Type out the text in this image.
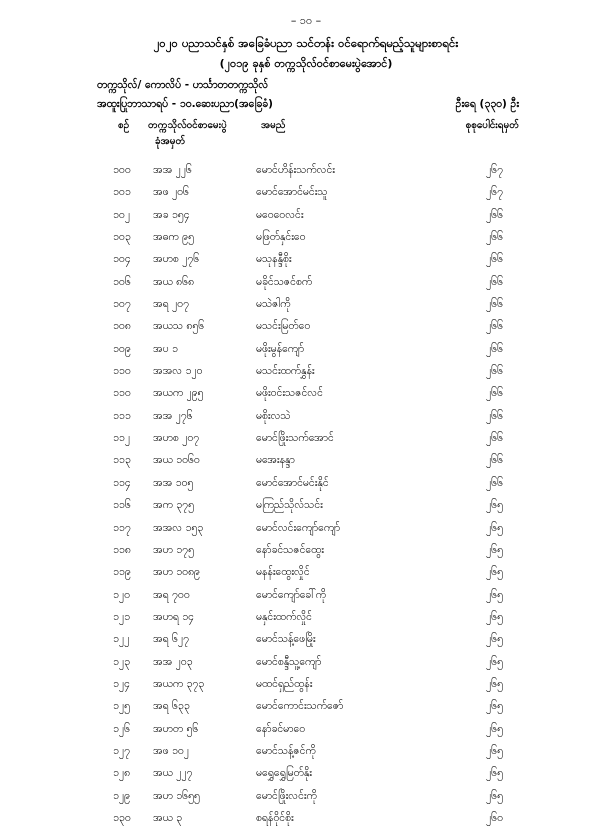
– ၁၀ –
၂၀၂၀ ပညာသင်နှစ် အခြေခံပညာ သင်တန်း ဝင်ရောက်ရမည့်သူများစာရင်း
(၂၀၁၉ ခုနှစ် တက္ကသိုလ်ဝင်စာမေးပွဲအောင်)
တက္ကသိုလ်/ ကောလိပ် - ဟင်္သာတတက္ကသိုလ်
အထူးပြုဘာသာရပ် - ၁၀.ဆေးပညာ(အခြေခံ)	ဦးရေ (၃၃၀) ဦး
စဉ် တက္ကသိုလ်ဝင်စာမေးပွဲ
ခုံအမှတ်
အမည်	စုစုပေါင်းရမှတ်
၁၀၀ အအ ၂၂၆	မောင်ဟိန်းသက်လင်း	၂၆၇
၁၀၁ အဖ ၂၀၆	မောင်အောင်မင်းသူ	၂၆၇
၁၀၂ အခ ၁၅၄	မဝေဝေလင်း	၂၆၆
၁၀၃ အဓက ၉၅	မဖြတ်နှင်းဝေ	၂၆၆
၁၀၄ အဟစ ၂၇၆	မသုနန္ဒီစိုး	၂၆၆
၁၀၆ အယ ၈၆၈	မခိုင်သဇင်စက်	၂၆၆
၁၀၇ အရ ၂၀၇	မသဲဇါကို	၂၆၆
၁၀၈ အယသ ၈၅၆	မသင်းမြတ်ဝေ	၂၆၆
၁၀၉ အပ ၁	မဖိုးမွန်ကျော်	၂၆၆
၁၁၀ အအလ ၁၂၀	မသင်းထက်နွှန်း	၂၆၆
၁၁၀ အယက ၂၉၅	မဖိုးဝင်းသဇင်လင်	၂၆၆
၁၁၁ အအ ၂၇၆	မစိုးလသဲ	၂၆၆
၁၁၂ အဟစ ၂၀၇	မောင်ဖြိုးသက်အောင်	၂၆၆
၁၁၃ အယ ၁၀၆၀	မအေးနန္ဒာ	၂၆၆
၁၁၄ အအ ၁၀၅	မောင်အောင်မင်းနိုင်	၂၆၆
၁၁၆ အက ၃၇၅	မကြည်သိုလ်သင်း	၂၆၅
၁၁၇ အအလ ၁၅၃	မောင်လင်းကျော်ကျော်	၂၆၅
၁၁၈ အဟ ၁၇၅	နော်ခင်သဇင်ထွေး	၂၆၅
၁၁၉ အဟ ၁၀၈၉	မနန်းထွေးလှိုင်	၂၆၅
၁၂၀ အရ ၇၀၀	မောင်ကျော်ခေါ်ကို	၂၆၅
၁၂၁ အဟရ ၁၄	မနှင်းထက်လှိုင်	၂၆၅
၁၂၂ အရ ၆၂၇	မောင်သန့်ဖေမြိုး	၂၆၅
၁၂၃ အအ ၂၀၃	မောင်စန္ဒီသူ့ကျော်	၂၆၅
၁၂၄ အယက ၃၇၃	မထင်ရှည်ထွန်း	၂၆၅
၁၂၅ အရ ၆၃၃	မောင်ကောင်းသက်ဇော်	၂၆၅
၁၂၆ အဟတ ၅၆	နော်ခင်မာဝေ	၂၆၅
၁၂၇ အဖ ၁၀၂	မောင်သန့်ဇင်ကို	၂၆၅
၁၂၈ အယ ၂၂၇	မရွှေရွှေမြတ်နိုး	၂၆၅
၁၂၉ အဟ ၁၆၅၅	မောင်ဖြိုးလင်းကို	၂၆၅
၁၃၀ အယ ၃	စရန်ဝိုင်စိုး	၂၆၀
